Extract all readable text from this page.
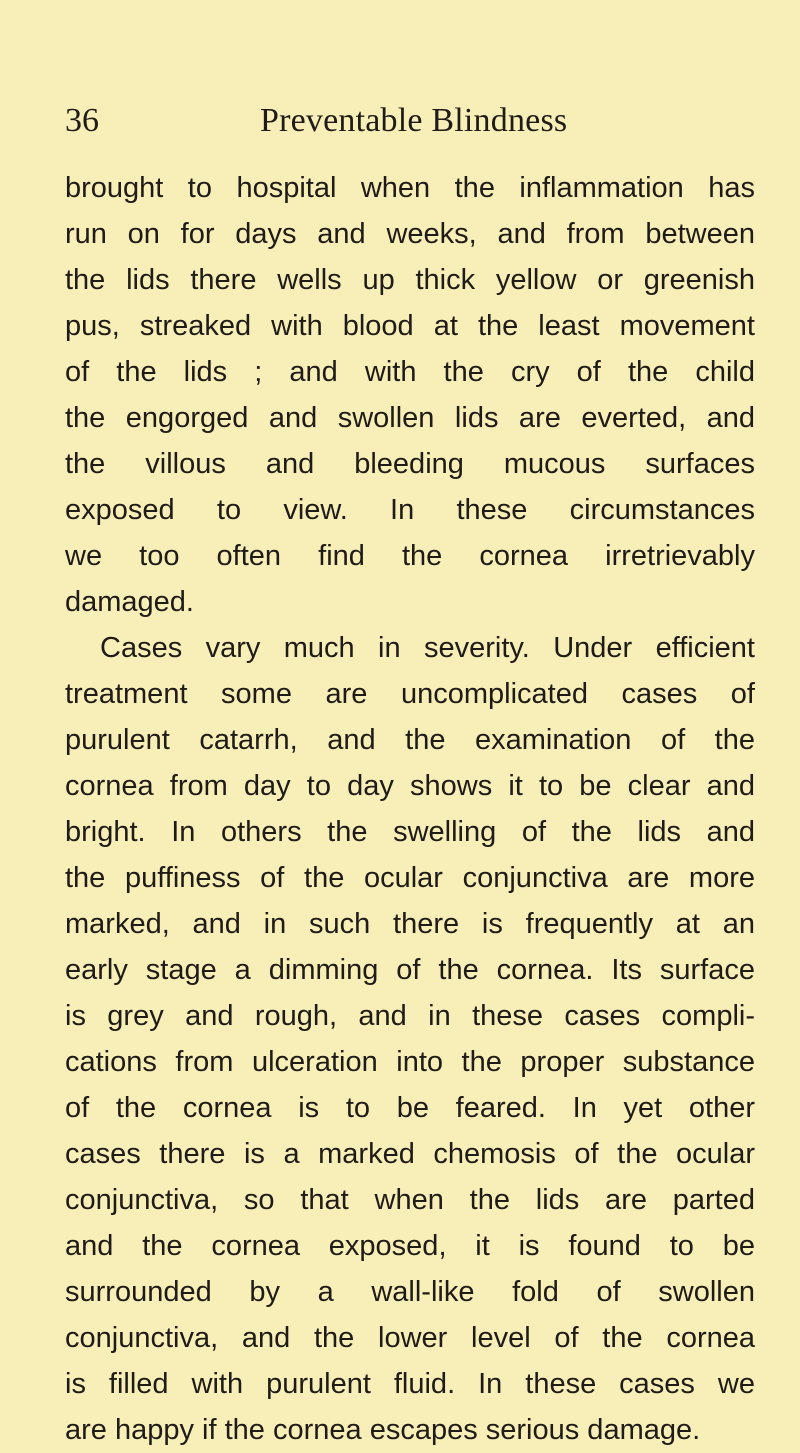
36	Preventable Blindness
brought to hospital when the inflammation has
run on for days and weeks, and from between
the lids there wells up thick yellow or greenish
pus, streaked with blood at the least movement
of the lids ; and with the cry of the child
the engorged and swollen lids are everted, and
the villous and bleeding mucous surfaces
exposed to view. In these circumstances
we too often find the cornea irretrievably
damaged.
Cases vary much in severity. Under efficient
treatment some are uncomplicated cases of
purulent catarrh, and the examination of the
cornea from day to day shows it to be clear and
bright. In others the swelling of the lids and
the puffiness of the ocular conjunctiva are more
marked, and in such there is frequently at an
early stage a dimming of the cornea. Its surface
is grey and rough, and in these cases compli-
cations from ulceration into the proper substance
of the cornea is to be feared. In yet other
cases there is a marked chemosis of the ocular
conjunctiva, so that when the lids are parted
and the cornea exposed, it is found to be
surrounded by a wall-like fold of swollen
conjunctiva, and the lower level of the cornea
is filled with purulent fluid. In these cases we
are happy if the cornea escapes serious damage.
